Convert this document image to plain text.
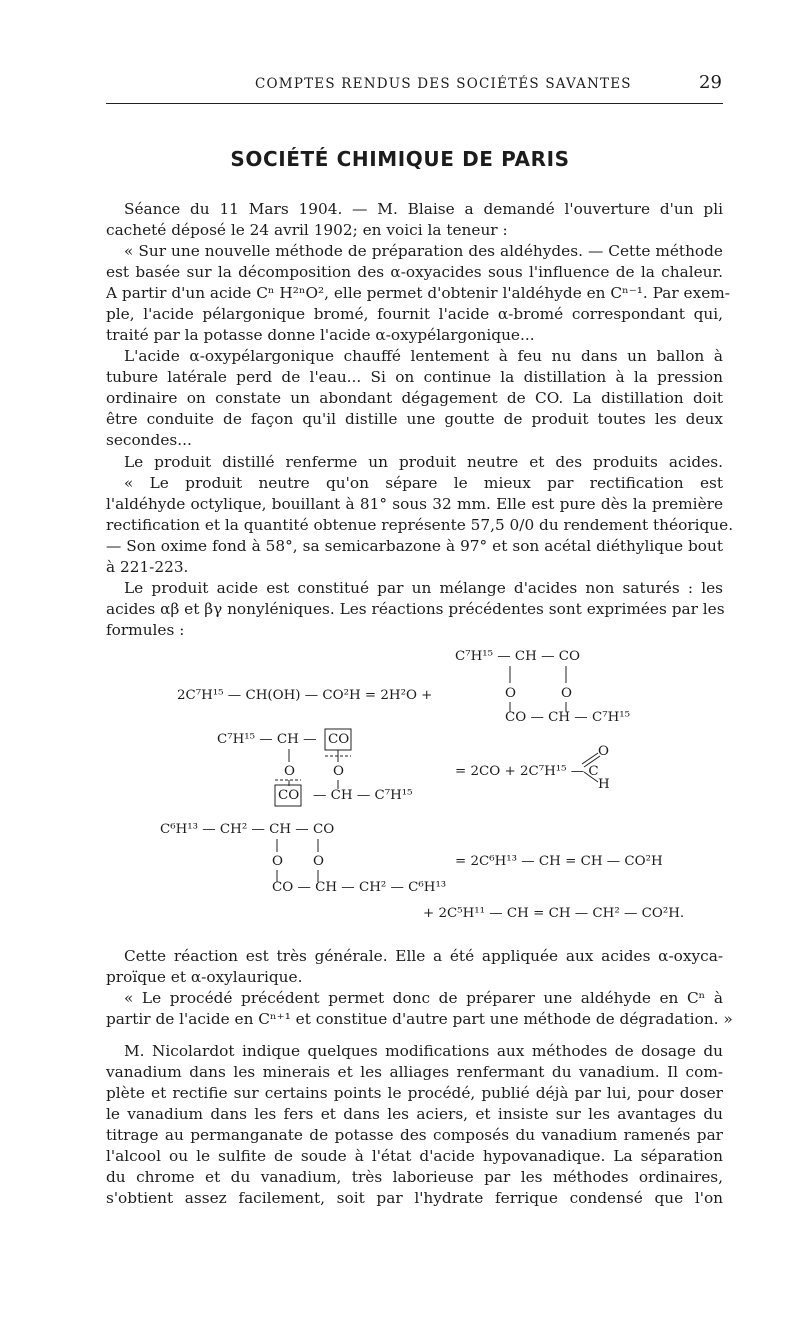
COMPTES RENDUS DES SOCIÉTÉS SAVANTES	29
SOCIÉTÉ CHIMIQUE DE PARIS
Séance du 11 Mars 1904. — M. Blaise a demandé l'ouverture d'un pli
cacheté déposé le 24 avril 1902; en voici la teneur :
« Sur une nouvelle méthode de préparation des aldéhydes. — Cette méthode
est basée sur la décomposition des α-oxyacides sous l'influence de la chaleur.
A partir d'un acide Cⁿ H²ⁿO², elle permet d'obtenir l'aldéhyde en Cⁿ⁻¹. Par exem-
ple, l'acide pélargonique bromé, fournit l'acide α-bromé correspondant qui,
traité par la potasse donne l'acide α-oxypélargonique...
L'acide α-oxypélargonique chauffé lentement à feu nu dans un ballon à
tubure latérale perd de l'eau... Si on continue la distillation à la pression
ordinaire on constate un abondant dégagement de CO. La distillation doit
être conduite de façon qu'il distille une goutte de produit toutes les deux
secondes...
Le produit distillé renferme un produit neutre et des produits acides.
« Le produit neutre qu'on sépare le mieux par rectification est
l'aldéhyde octylique, bouillant à 81° sous 32 mm. Elle est pure dès la première
rectification et la quantité obtenue représente 57,5 0/0 du rendement théorique.
— Son oxime fond à 58°, sa semicarbazone à 97° et son acétal diéthylique bout
à 221-223.
Le produit acide est constitué par un mélange d'acides non saturés : les
acides αβ et βγ nonyléniques. Les réactions précédentes sont exprimées par les
formules :
C⁷H¹⁵ — CH — CO
2C⁷H¹⁵ — CH(OH) — CO²H = 2H²O +	O	O
CO — CH — C⁷H¹⁵
C⁷H¹⁵ — CH — CO
O	O
CO — CH — C⁷H¹⁵
= 2CO + 2C⁷H¹⁵ — C
O
H
C⁶H¹³ — CH² — CH — CO
O O	= 2C⁶H¹³ — CH = CH — CO²H
CO — CH — CH² — C⁶H¹³
+ 2C⁵H¹¹ — CH = CH — CH² — CO²H.
Cette réaction est très générale. Elle a été appliquée aux acides α-oxyca-
proïque et α-oxylaurique.
« Le procédé précédent permet donc de préparer une aldéhyde en Cⁿ à
partir de l'acide en Cⁿ⁺¹ et constitue d'autre part une méthode de dégradation. »
M. Nicolardot indique quelques modifications aux méthodes de dosage du
vanadium dans les minerais et les alliages renfermant du vanadium. Il com-
plète et rectifie sur certains points le procédé, publié déjà par lui, pour doser
le vanadium dans les fers et dans les aciers, et insiste sur les avantages du
titrage au permanganate de potasse des composés du vanadium ramenés par
l'alcool ou le sulfite de soude à l'état d'acide hypovanadique. La séparation
du chrome et du vanadium, très laborieuse par les méthodes ordinaires,
s'obtient assez facilement, soit par l'hydrate ferrique condensé que l'on
